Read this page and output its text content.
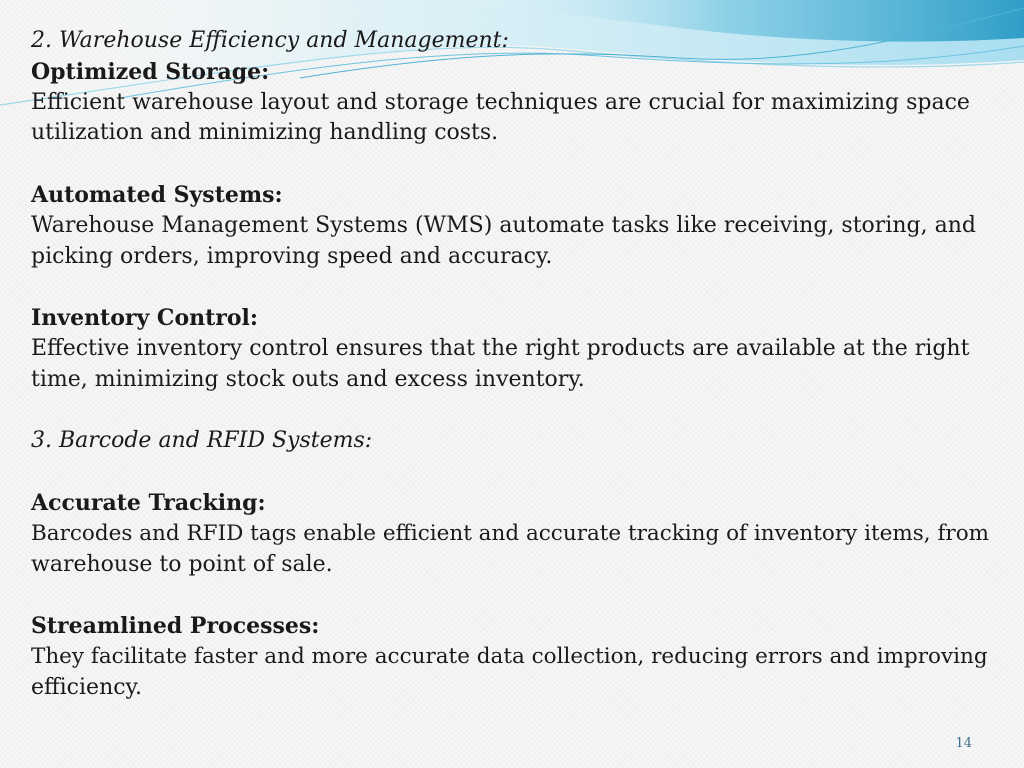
2. Warehouse Efficiency and Management:

Optimized Storage:

Efficient warehouse layout and storage techniques are crucial for maximizing space

utilization and minimizing handling costs.

Automated Systems:

Warehouse Management Systems (WMS) automate tasks like receiving, storing, and

picking orders, improving speed and accuracy.

Inventory Control:

Effective inventory control ensures that the right products are available at the right

time, minimizing stock outs and excess inventory.

3. Barcode and RFID Systems:

Accurate Tracking:

Barcodes and RFID tags enable efficient and accurate tracking of inventory items, from

warehouse to point of sale.

Streamlined Processes:

They facilitate faster and more accurate data collection, reducing errors and improving

efficiency.

14
